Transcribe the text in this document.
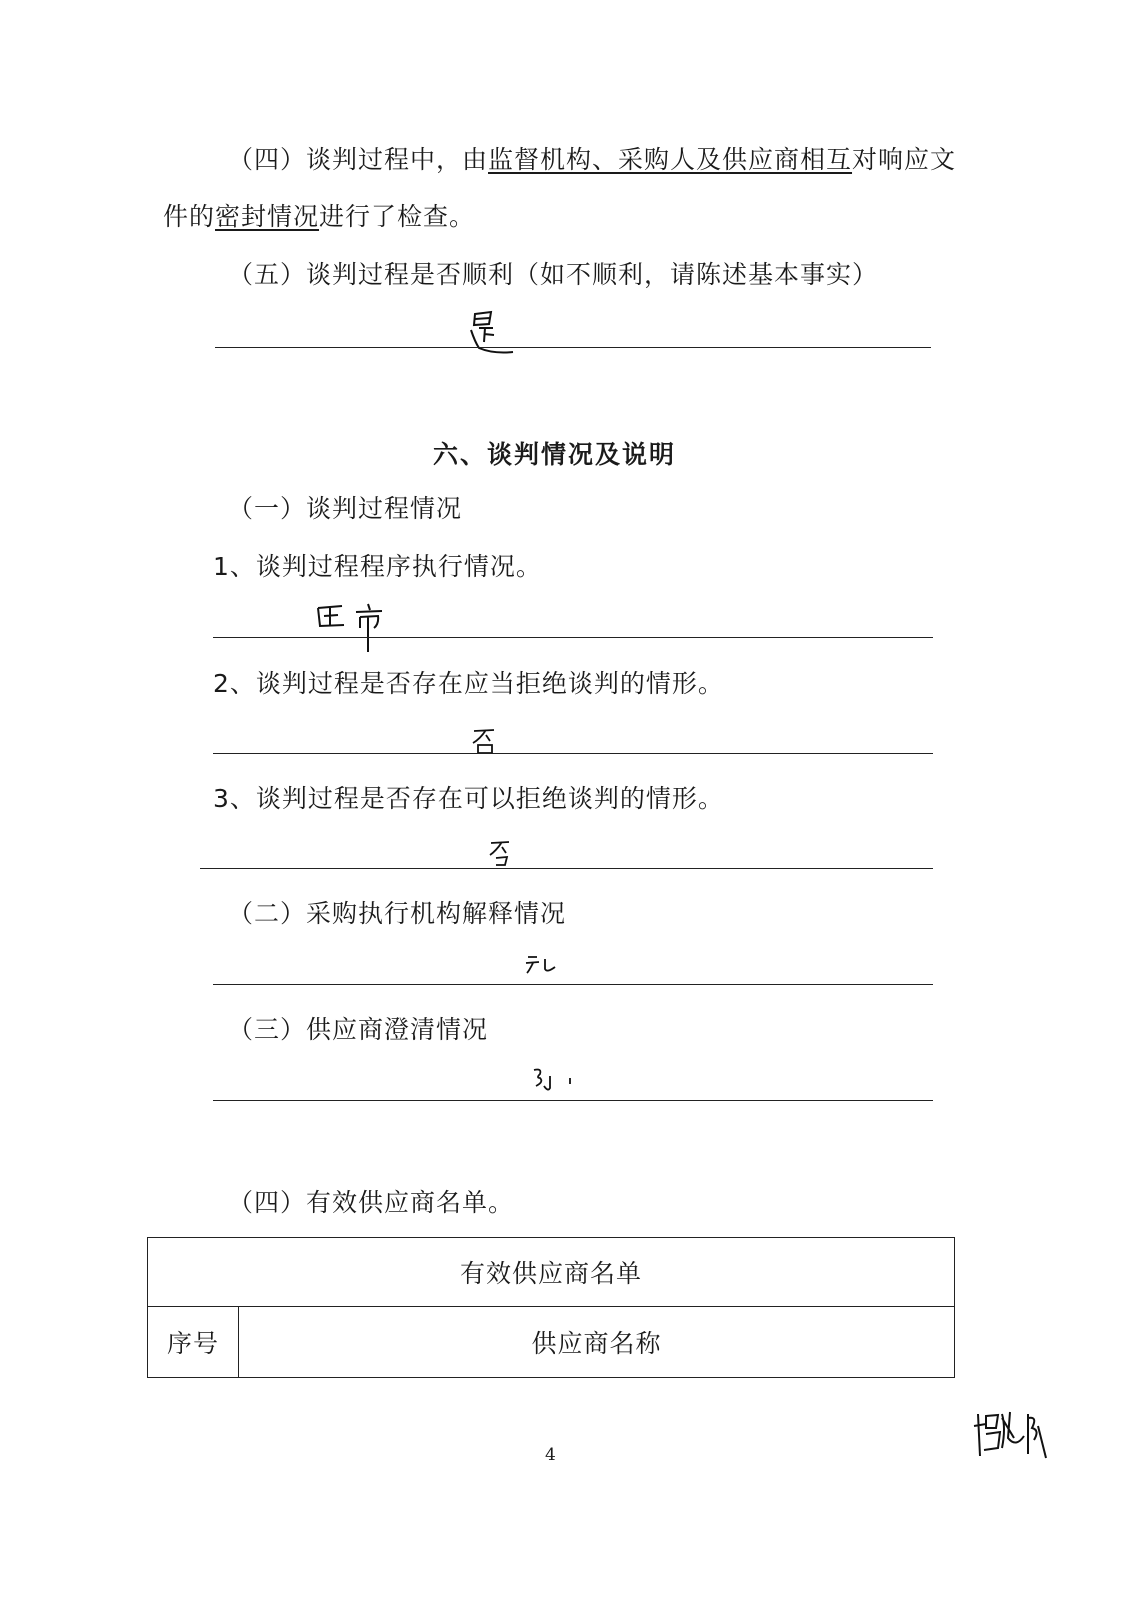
（四）谈判过程中，由监督机构、采购人及供应商相互对响应文
件的密封情况进行了检查。
（五）谈判过程是否顺利（如不顺利，请陈述基本事实）
六、谈判情况及说明
（一）谈判过程情况
1、谈判过程程序执行情况。
2、谈判过程是否存在应当拒绝谈判的情形。
3、谈判过程是否存在可以拒绝谈判的情形。
（二）采购执行机构解释情况
（三）供应商澄清情况
（四）有效供应商名单。
有效供应商名单
序号	供应商名称
4
